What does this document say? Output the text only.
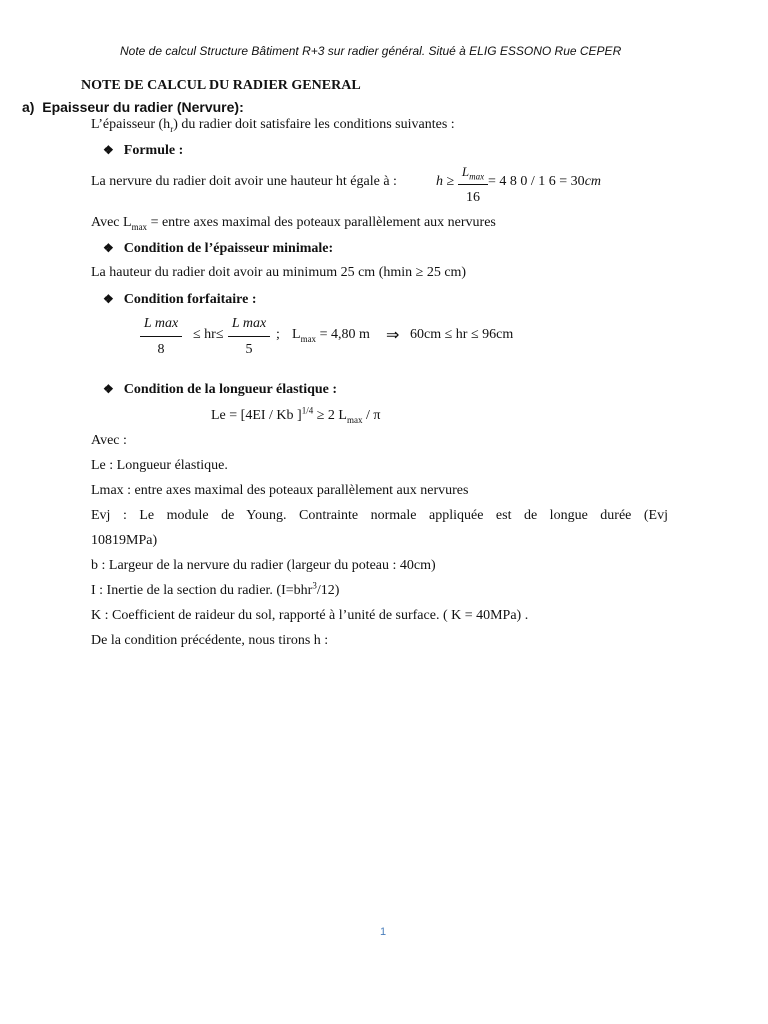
Note de calcul Structure Bâtiment R+3 sur radier général. Situé à ELIG ESSONO Rue CEPER
NOTE DE CALCUL DU RADIER GENERAL
a) Epaisseur du radier (Nervure):
L’épaisseur $(h_r)$ du radier doit satisfaire les conditions suivantes :
❖ Formule :
La nervure du radier doit avoir une hauteur ht égale à :	h ≥
$L_{max}$
16
= 4 8 0 / 1 6 = 30cm
Avec $L_{max}$ = entre axes maximal des poteaux parallèlement aux nervures
❖ Condition de l’épaisseur minimale:
La hauteur du radier doit avoir au minimum 25 cm (hmin ≥ 25 cm)
❖ Condition forfaitaire :
L max
8
≤ hr≤
L max
5
; $L_{max} = 4,80$ m ⇒ 60cm ≤ hr ≤ 96cm
❖ Condition de la longueur élastique :
Le = [4EI / Kb ]$^{1/4}$ ≥ 2 $L_{max}$ / π
Avec :
Le : Longueur élastique.
Lmax : entre axes maximal des poteaux parallèlement aux nervures
Evj : Le module de Young. Contrainte normale appliquée est de longue durée (Evj
10819MPa)
b : Largeur de la nervure du radier (largeur du poteau : 40cm)
I : Inertie de la section du radier. (I=bhr$^3$/12)
K : Coefficient de raideur du sol, rapporté à l’unité de surface. ( K = 40MPa) .
De la condition précédente, nous tirons h :
1
